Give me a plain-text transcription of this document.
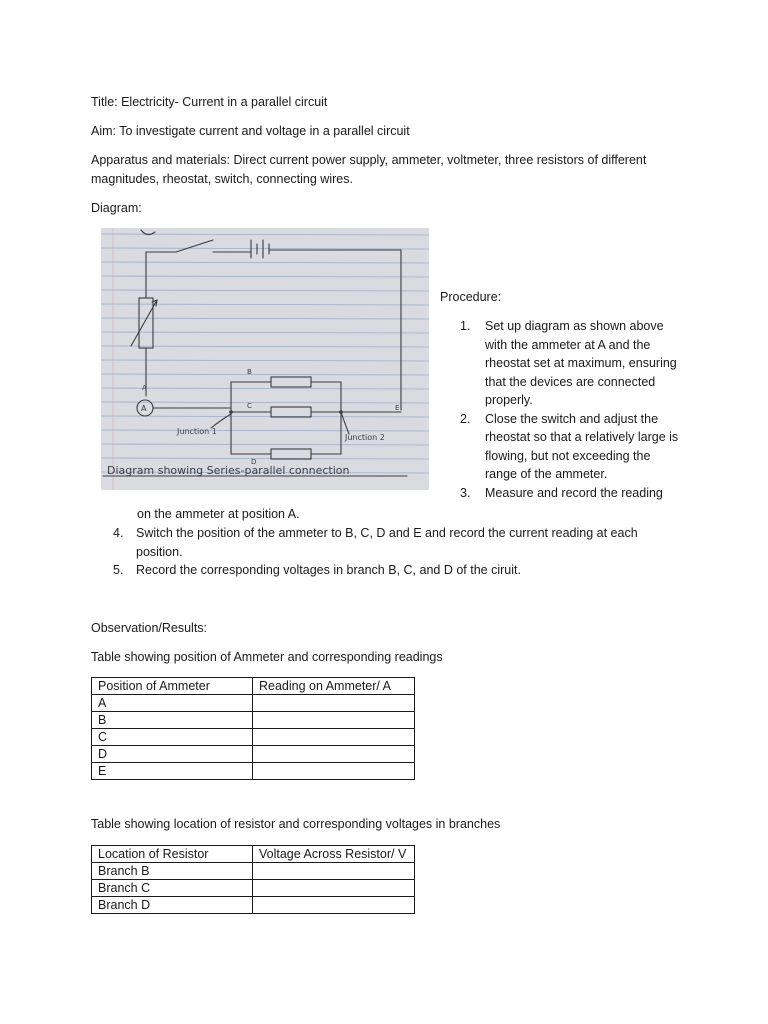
Title: Electricity- Current in a parallel circuit

Aim: To investigate current and voltage in a parallel circuit

Apparatus and materials: Direct current power supply, ammeter, voltmeter, three resistors of different magnitudes, rheostat, switch, connecting wires.

Diagram:

A
A
B
C
D
E
Junction 1
Junction 2
Diagram showing Series-parallel connection

Procedure:

1. Set up diagram as shown above with the ammeter at A and the rheostat set at maximum, ensuring that the devices are connected properly.
2. Close the switch and adjust the rheostat so that a relatively large is flowing, but not exceeding the range of the ammeter.
3. Measure and record the reading

on the ammeter at position A.

4. Switch the position of the ammeter to B, C, D and E and record the current reading at each position.
5. Record the corresponding voltages in branch B, C, and D of the ciruit.

Observation/Results:

Table showing position of Ammeter and corresponding readings

Position of Ammeter	Reading on Ammeter/ A
A	
B	
C	
D	
E	

Table showing location of resistor and corresponding voltages in branches

Location of Resistor	Voltage Across Resistor/ V
Branch B	
Branch C	
Branch D	
